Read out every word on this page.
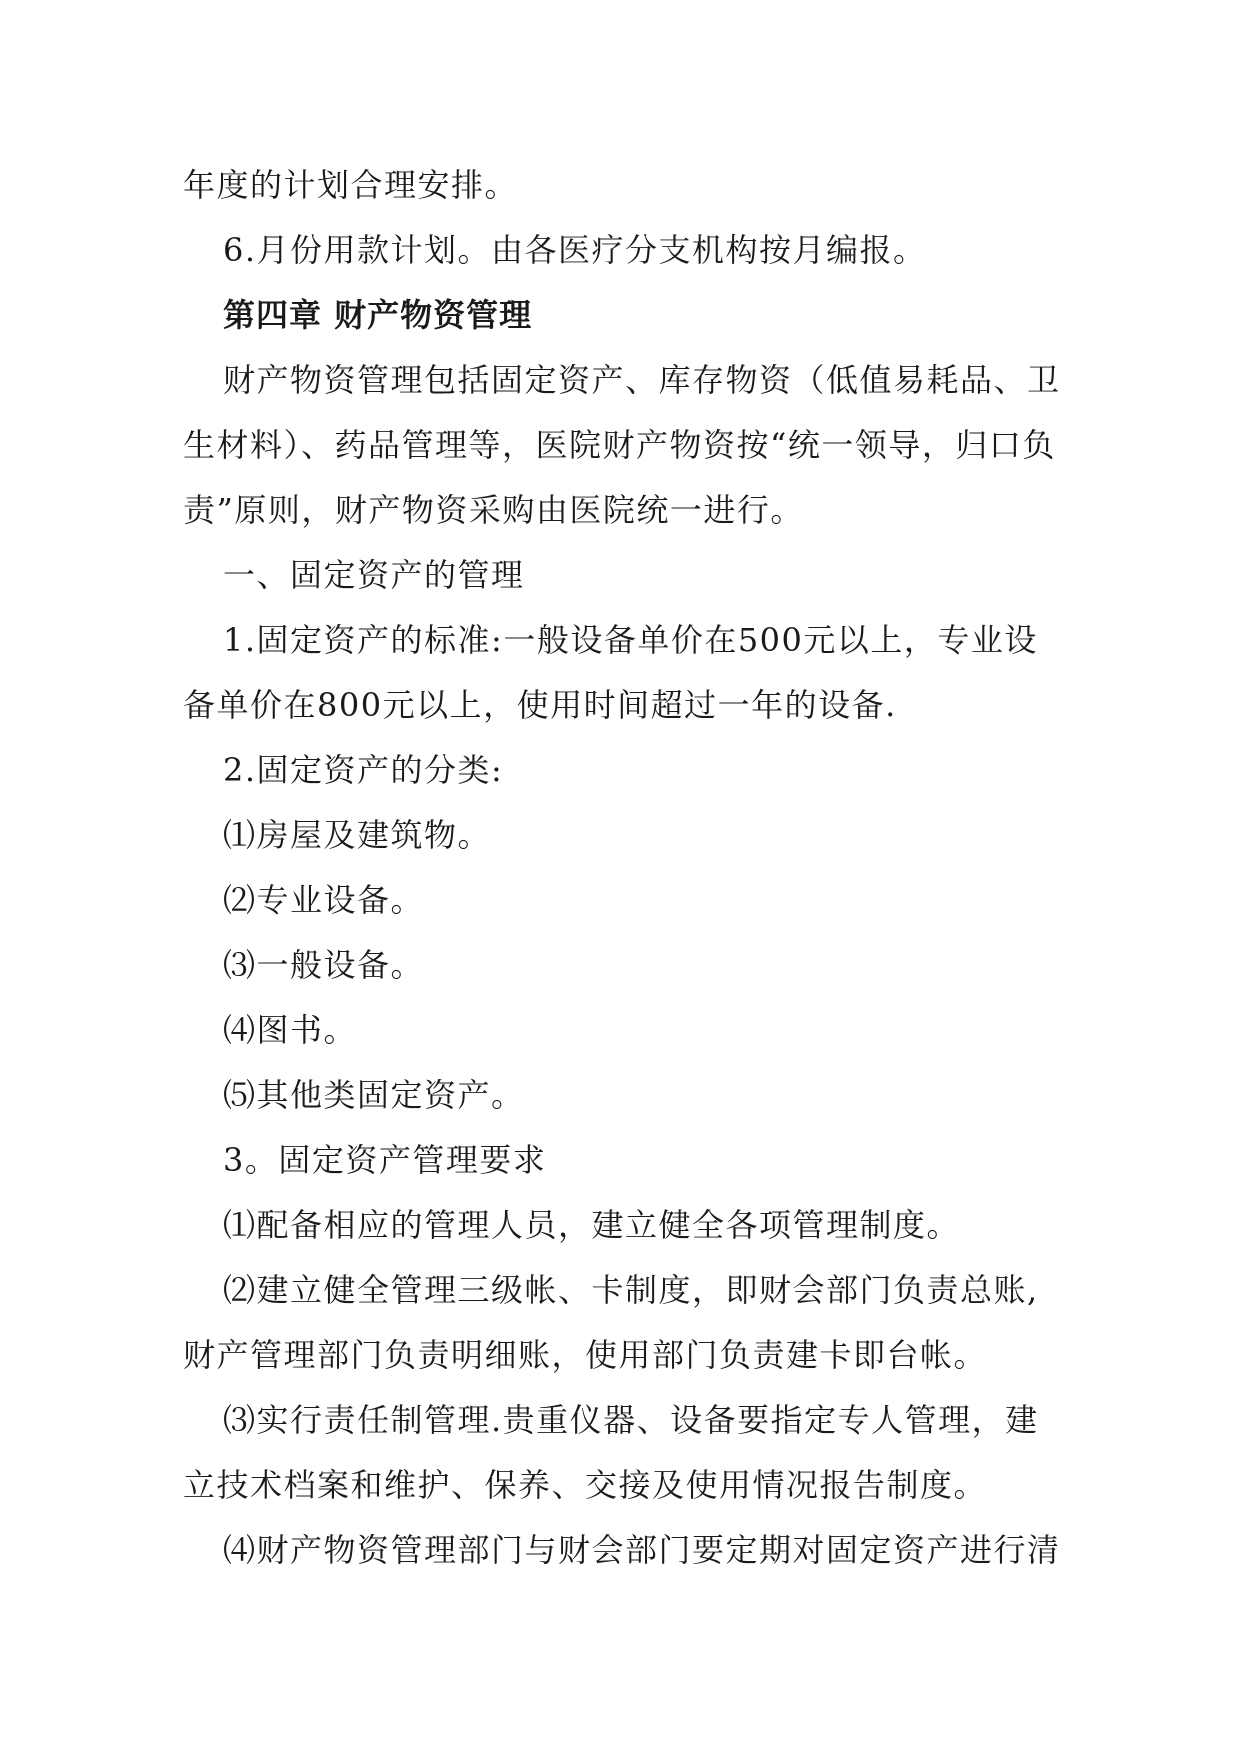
年度的计划合理安排。

6.月份用款计划。由各医疗分支机构按月编报。

第四章 财产物资管理

财产物资管理包括固定资产、库存物资（低值易耗品、卫生材料）、药品管理等，医院财产物资按“统一领导，归口负责”原则，财产物资采购由医院统一进行。

一、固定资产的管理

1.固定资产的标准:一般设备单价在500元以上，专业设备单价在800元以上，使用时间超过一年的设备.

2.固定资产的分类:

⑴房屋及建筑物。

⑵专业设备。

⑶一般设备。

⑷图书。

⑸其他类固定资产。

3。固定资产管理要求

⑴配备相应的管理人员，建立健全各项管理制度。

⑵建立健全管理三级帐、卡制度，即财会部门负责总账,财产管理部门负责明细账，使用部门负责建卡即台帐。

⑶实行责任制管理.贵重仪器、设备要指定专人管理，建立技术档案和维护、保养、交接及使用情况报告制度。

⑷财产物资管理部门与财会部门要定期对固定资产进行清
